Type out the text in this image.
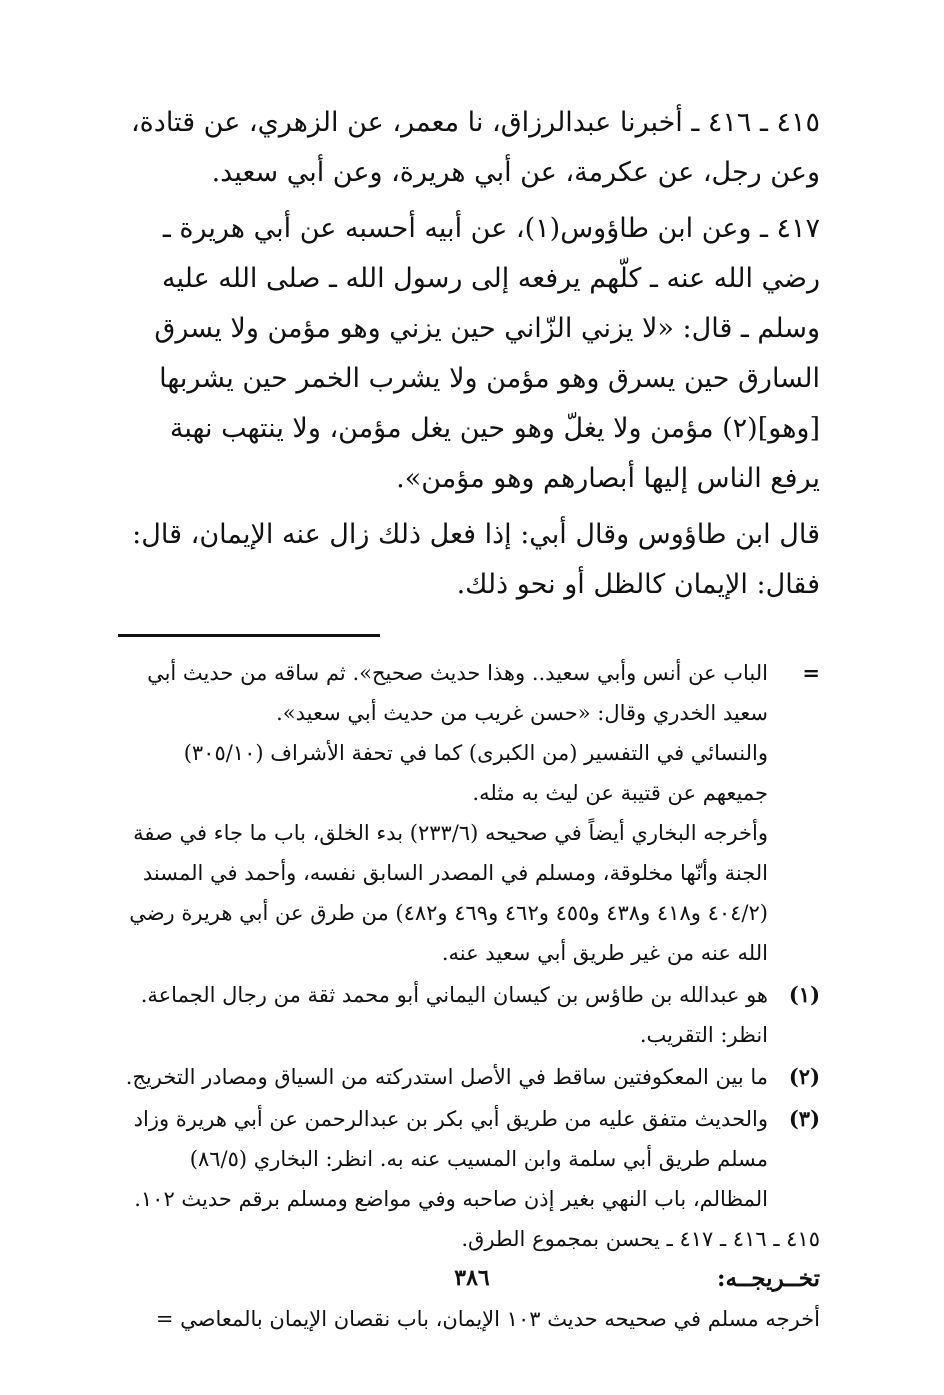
٤١٥ ـ ٤١٦ ـ أخبرنا عبدالرزاق، نا معمر، عن الزهري، عن قتادة، وعن رجل، عن عكرمة، عن أبي هريرة، وعن أبي سعيد.

٤١٧ ـ وعن ابن طاؤوس(١)، عن أبيه أحسبه عن أبي هريرة ـ رضي الله عنه ـ كلّهم يرفعه إلى رسول الله ـ صلى الله عليه وسلم ـ قال: «لا يزني الزّاني حين يزني وهو مؤمن ولا يسرق السارق حين يسرق وهو مؤمن ولا يشرب الخمر حين يشربها [وهو](٢) مؤمن ولا يغلّ وهو حين يغل مؤمن، ولا ينتهب نهبة يرفع الناس إليها أبصارهم وهو مؤمن».

قال ابن طاؤوس وقال أبي: إذا فعل ذلك زال عنه الإيمان، قال: فقال: الإيمان كالظل أو نحو ذلك.

=

الباب عن أنس وأبي سعيد.. وهذا حديث صحيح». ثم ساقه من حديث أبي سعيد الخدري وقال: «حسن غريب من حديث أبي سعيد».

والنسائي في التفسير (من الكبرى) كما في تحفة الأشراف (٣٠٥/١٠) جميعهم عن قتيبة عن ليث به مثله.

وأخرجه البخاري أيضاً في صحيحه (٢٣٣/٦) بدء الخلق، باب ما جاء في صفة الجنة وأنّها مخلوقة، ومسلم في المصدر السابق نفسه، وأحمد في المسند (٤٠٤/٢ و٤١٨ و٤٣٨ و٤٥٥ و٤٦٢ و٤٦٩ و٤٨٢) من طرق عن أبي هريرة رضي الله عنه من غير طريق أبي سعيد عنه.

(١)

هو عبدالله بن طاؤس بن كيسان اليماني أبو محمد ثقة من رجال الجماعة. انظر: التقريب.

(٢)

ما بين المعكوفتين ساقط في الأصل استدركته من السياق ومصادر التخريج.

(٣)

والحديث متفق عليه من طريق أبي بكر بن عبدالرحمن عن أبي هريرة وزاد مسلم طريق أبي سلمة وابن المسيب عنه به. انظر: البخاري (٨٦/٥) المظالم، باب النهي بغير إذن صاحبه وفي مواضع ومسلم برقم حديث ١٠٢.

٤١٥ ـ ٤١٦ ـ ٤١٧ ـ يحسن بمجموع الطرق.

تخــريجــه:

أخرجه مسلم في صحيحه حديث ١٠٣ الإيمان، باب نقصان الإيمان بالمعاصي =

٣٨٦
